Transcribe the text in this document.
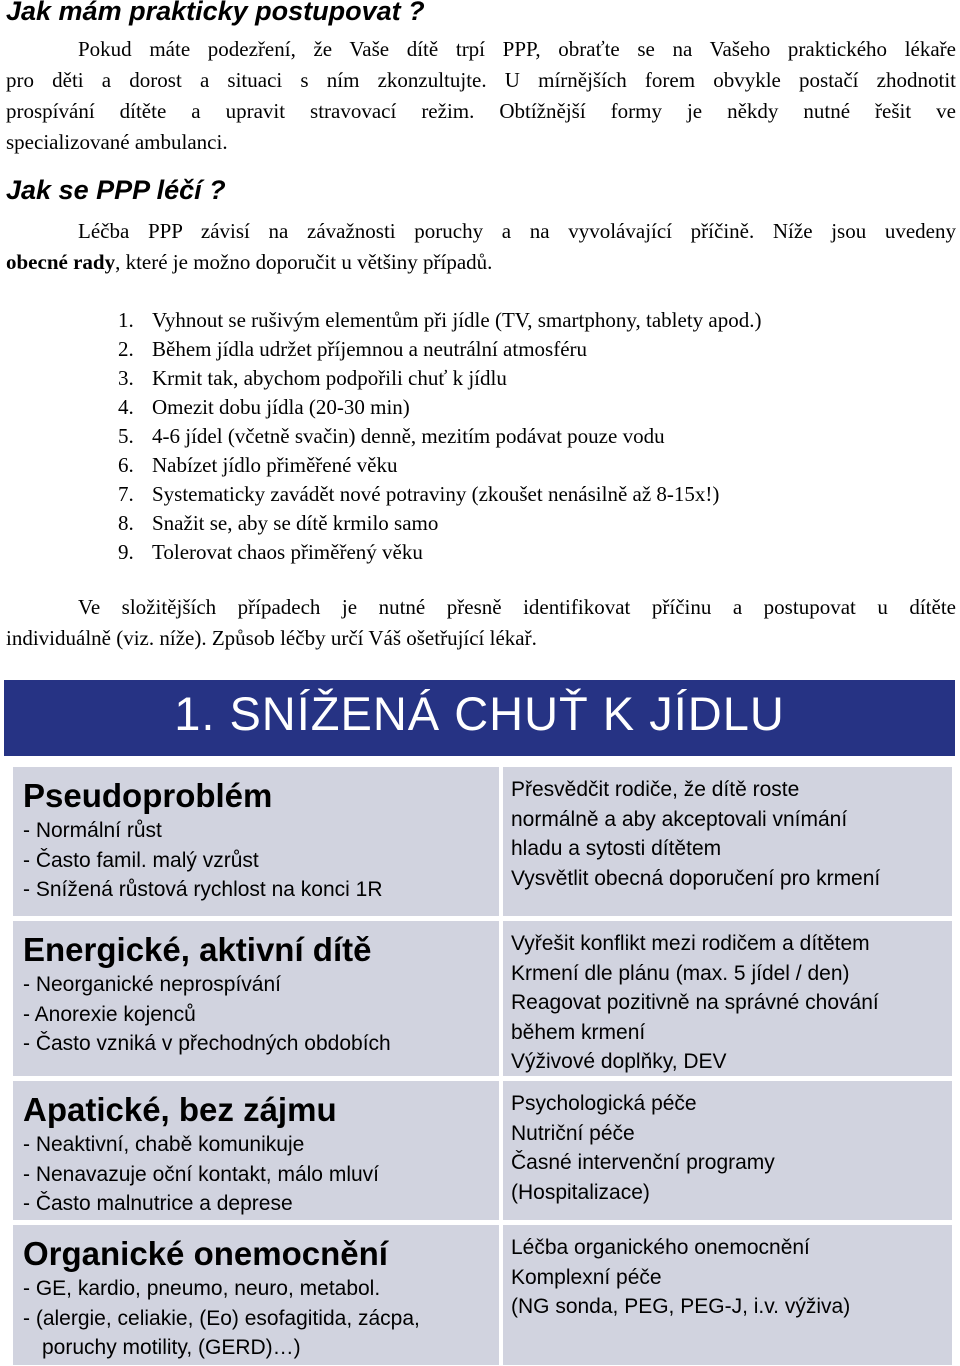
Jak mám prakticky postupovat ?
Pokud máte podezření, že Vaše dítě trpí PPP, obraťte se na Vašeho praktického lékaře
pro děti a dorost a situaci s ním zkonzultujte. U mírnějších forem obvykle postačí zhodnotit
prospívání dítěte a upravit stravovací režim. Obtížnější formy je někdy nutné řešit ve
specializované ambulanci.
Jak se PPP léčí ?
Léčba PPP závisí na závažnosti poruchy a na vyvolávající příčině. Níže jsou uvedeny
obecné rady, které je možno doporučit u většiny případů.
1. Vyhnout se rušivým elementům při jídle (TV, smartphony, tablety apod.)
2. Během jídla udržet příjemnou a neutrální atmosféru
3. Krmit tak, abychom podpořili chuť k jídlu
4. Omezit dobu jídla (20-30 min)
5. 4-6 jídel (včetně svačin) denně, mezitím podávat pouze vodu
6. Nabízet jídlo přiměřené věku
7. Systematicky zavádět nové potraviny (zkoušet nenásilně až 8-15x!)
8. Snažit se, aby se dítě krmilo samo
9. Tolerovat chaos přiměřený věku
Ve složitějších případech je nutné přesně identifikovat příčinu a postupovat u dítěte
individuálně (viz. níže). Způsob léčby určí Váš ošetřující lékař.
1. SNÍŽENÁ CHUŤ K JÍDLU
Pseudoproblém
- Normální růst
- Často famil. malý vzrůst
- Snížená růstová rychlost na konci 1R
Přesvědčit rodiče, že dítě roste
normálně a aby akceptovali vnímání
hladu a sytosti dítětem
Vysvětlit obecná doporučení pro krmení
Energické, aktivní dítě
- Neorganické neprospívání
- Anorexie kojenců
- Často vzniká v přechodných obdobích
Vyřešit konflikt mezi rodičem a dítětem
Krmení dle plánu (max. 5 jídel / den)
Reagovat pozitivně na správné chování
během krmení
Výživové doplňky, DEV
Apatické, bez zájmu
- Neaktivní, chabě komunikuje
- Nenavazuje oční kontakt, málo mluví
- Často malnutrice a deprese
Psychologická péče
Nutriční péče
Časné intervenční programy
(Hospitalizace)
Organické onemocnění
- GE, kardio, pneumo, neuro, metabol.
- (alergie, celiakie, (Eo) esofagitida, zácpa,
poruchy motility, (GERD)…)
Léčba organického onemocnění
Komplexní péče
(NG sonda, PEG, PEG-J, i.v. výživa)
